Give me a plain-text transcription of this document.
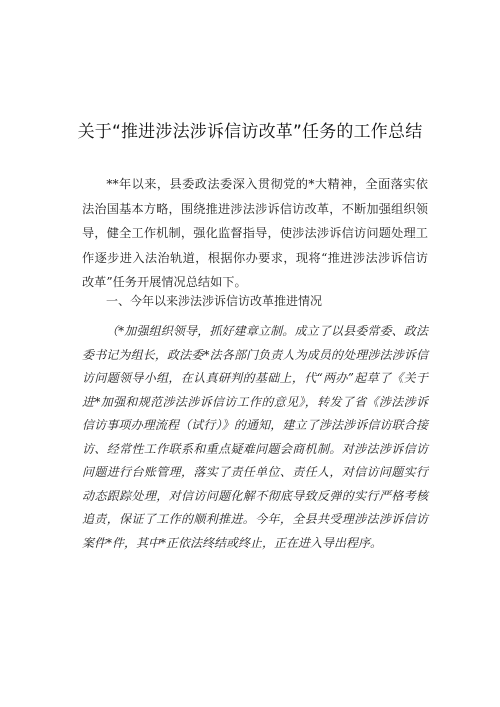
关于“推进涉法涉诉信访改革”任务的工作总结

**年以来，县委政法委深入贯彻党的*大精神，全面落实依法治国基本方略，围绕推进涉法涉诉信访改革，不断加强组织领导，健全工作机制，强化监督指导，使涉法涉诉信访问题处理工作逐步进入法治轨道，根据你办要求，现将“推进涉法涉诉信访改革”任务开展情况总结如下。

一、今年以来涉法涉诉信访改革推进情况

（*加强组织领导，抓好建章立制。成立了以县委常委、政法委书记为组长，政法委*法各部门负责人为成员的处理涉法涉诉信访问题领导小组，在认真研判的基础上，代“两办”起草了《关于进*加强和规范涉法涉诉信访工作的意见》，转发了省《涉法涉诉信访事项办理流程（试行）》的通知，建立了涉法涉诉信访联合接访、经常性工作联系和重点疑难问题会商机制。对涉法涉诉信访问题进行台账管理，落实了责任单位、责任人，对信访问题实行动态跟踪处理，对信访问题化解不彻底导致反弹的实行严格考核追责，保证了工作的顺利推进。今年，全县共受理涉法涉诉信访案件*件，其中*正依法终结或终止，正在进入导出程序。
